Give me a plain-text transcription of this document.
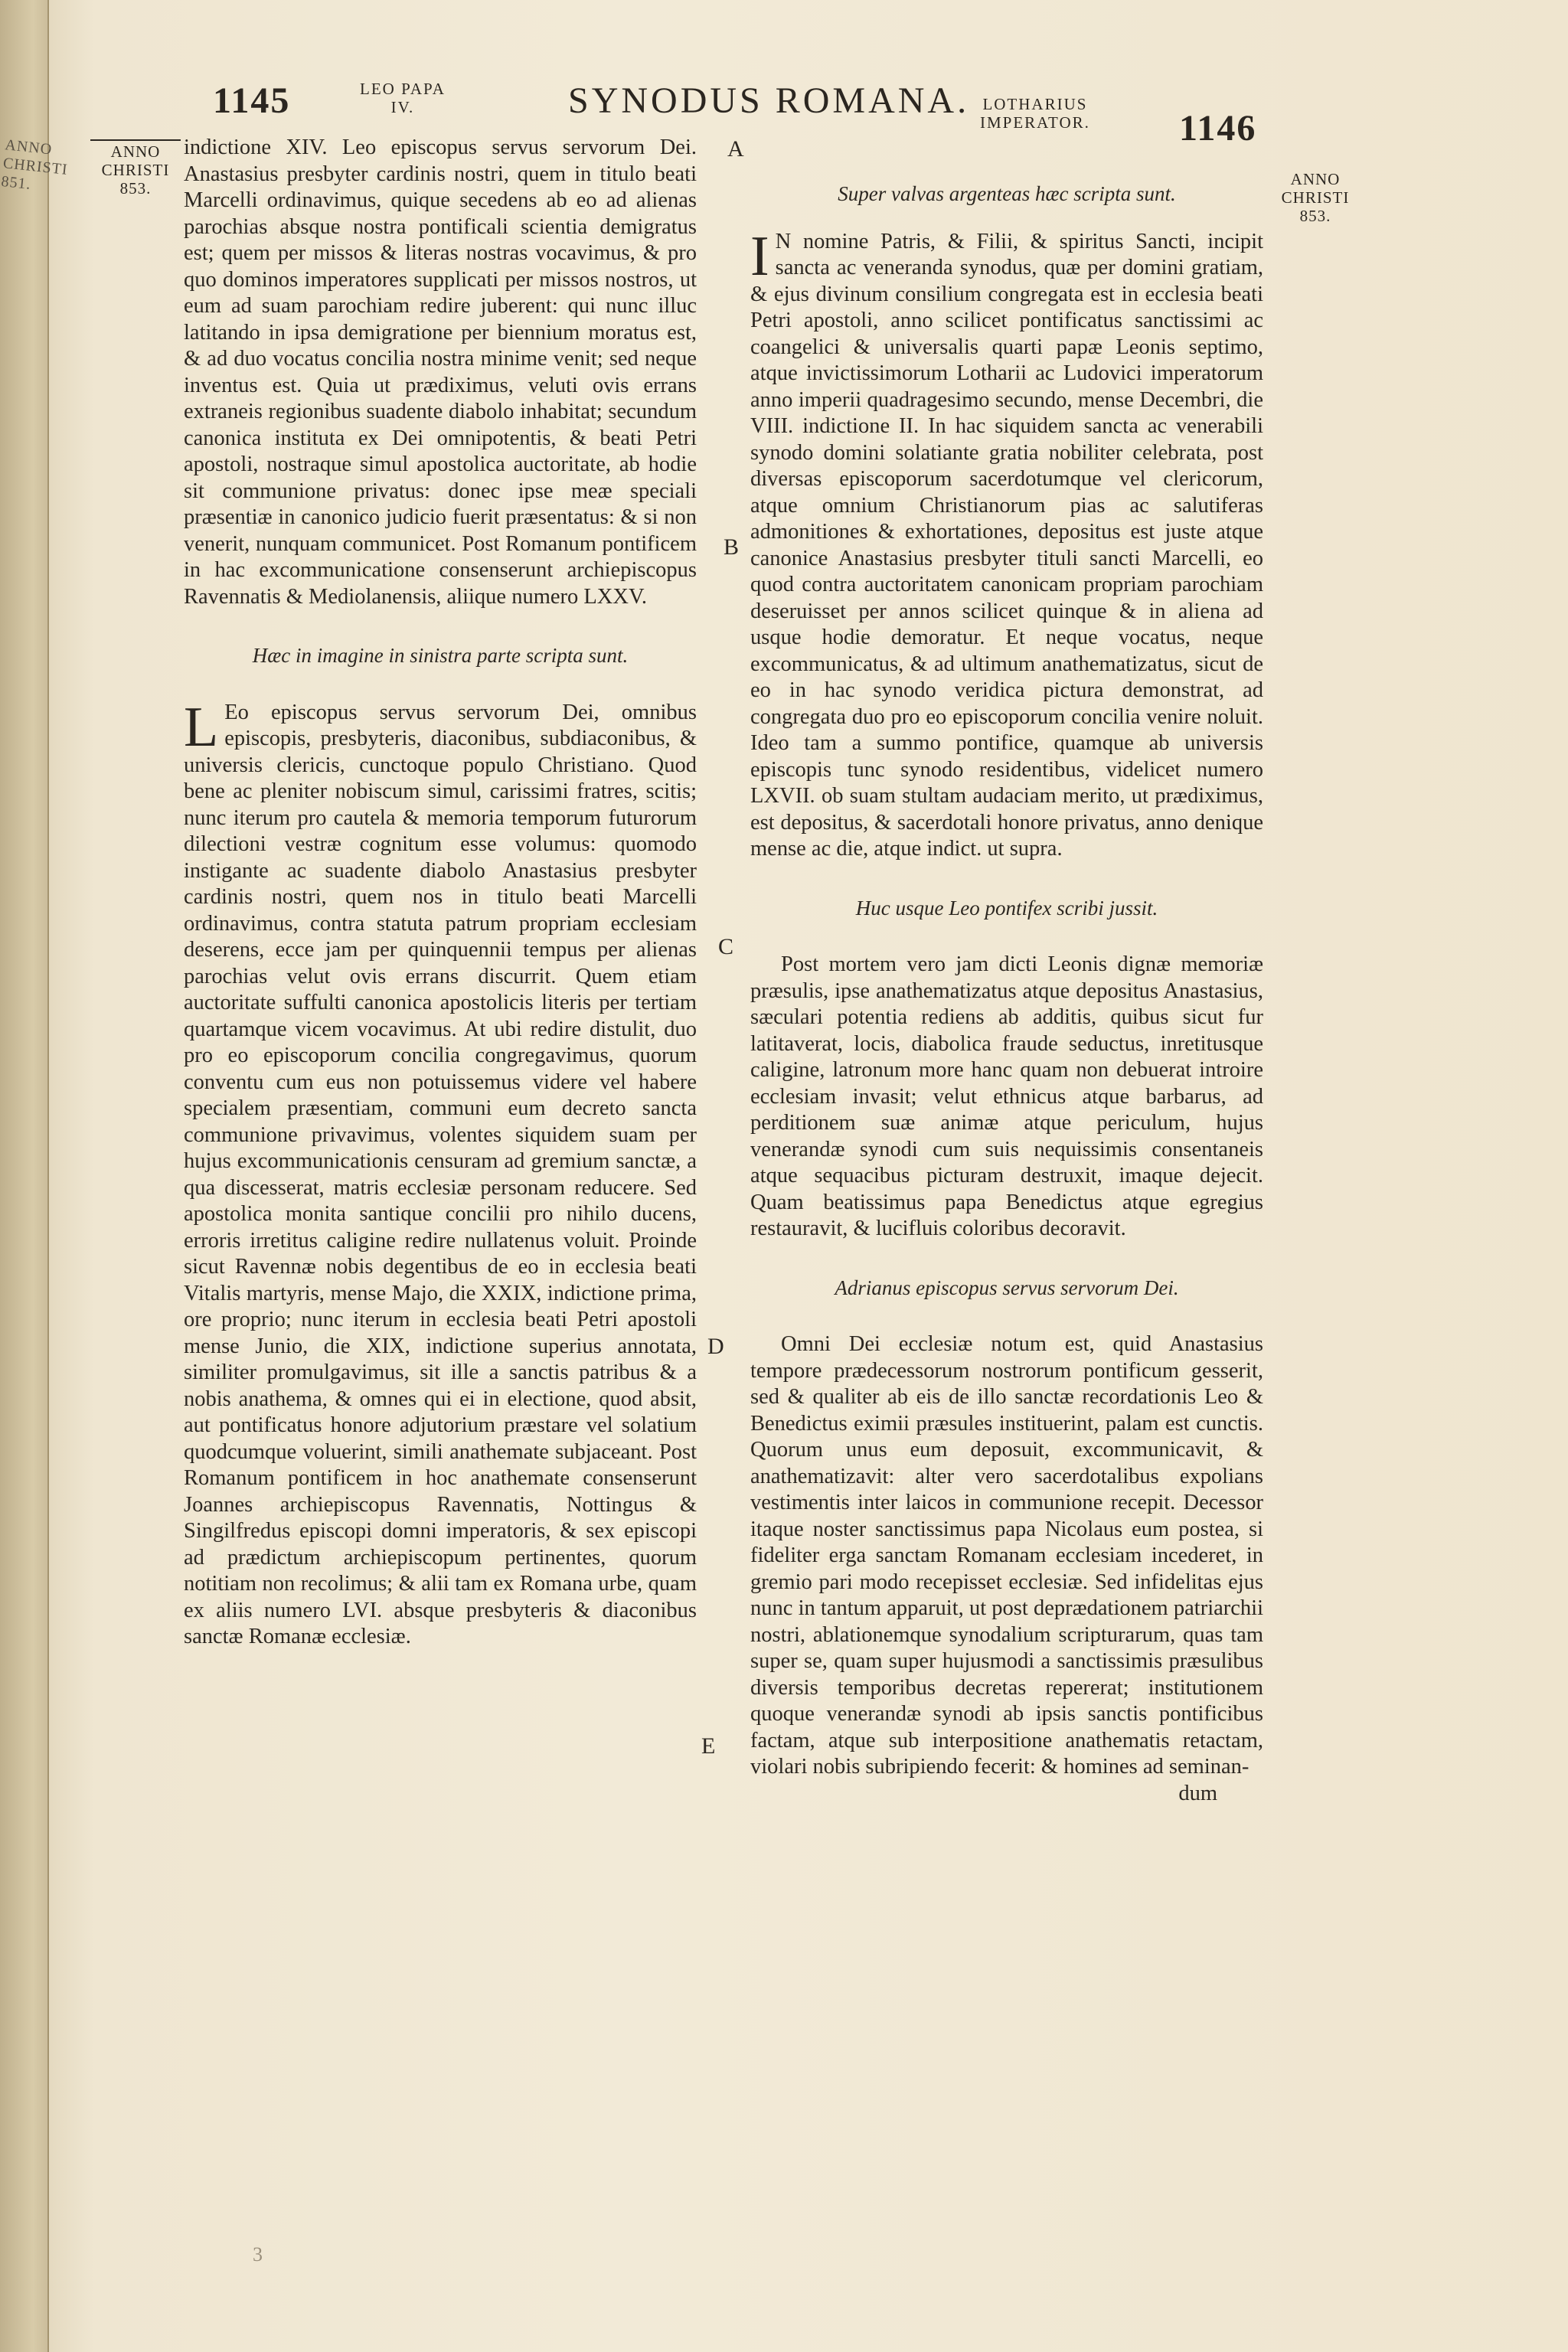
ANNO CHRISTI 851.
1145	LEO PAPA
IV.	SYNODUS ROMANA. LOTHARIUS
IMPERATOR. 1146
ANNO
CHRISTI
853.	ANNO
CHRISTI
853.
A
B
C
D
E

indictione XIV. Leo episcopus servus servorum Dei. Anastasius presbyter cardinis nostri, quem in titulo beati Marcelli ordinavimus, quique secedens ab eo ad alienas parochias absque nostra pontificali scientia demigratus est; quem per missos & literas nostras vocavimus, & pro quo dominos imperatores supplicati per missos nostros, ut eum ad suam parochiam redire juberent: qui nunc illuc latitando in ipsa demigratione per biennium moratus est, & ad duo vocatus concilia nostra minime venit; sed neque inventus est. Quia ut prædiximus, veluti ovis errans extraneis regionibus suadente diabolo inhabitat; secundum canonica instituta ex Dei omnipotentis, & beati Petri apostoli, nostraque simul apostolica auctoritate, ab hodie sit communione privatus: donec ipse meæ speciali præsentiæ in canonico judicio fuerit præsentatus: & si non venerit, nunquam communicet. Post Romanum pontificem in hac excommunicatione consenserunt archiepiscopus Ravennatis & Mediolanensis, aliique numero LXXV.

Hæc in imagine in sinistra parte scripta sunt.

LEo episcopus servus servorum Dei, omnibus episcopis, presbyteris, diaconibus, subdiaconibus, & universis clericis, cunctoque populo Christiano. Quod bene ac pleniter nobiscum simul, carissimi fratres, scitis; nunc iterum pro cautela & memoria temporum futurorum dilectioni vestræ cognitum esse volumus: quomodo instigante ac suadente diabolo Anastasius presbyter cardinis nostri, quem nos in titulo beati Marcelli ordinavimus, contra statuta patrum propriam ecclesiam deserens, ecce jam per quinquennii tempus per alienas parochias velut ovis errans discurrit. Quem etiam auctoritate suffulti canonica apostolicis literis per tertiam quartamque vicem vocavimus. At ubi redire distulit, duo pro eo episcoporum concilia congregavimus, quorum conventu cum eus non potuissemus videre vel habere specialem præsentiam, communi eum decreto sancta communione privavimus, volentes siquidem suam per hujus excommunicationis censuram ad gremium sanctæ, a qua discesserat, matris ecclesiæ personam reducere. Sed apostolica monita santique concilii pro nihilo ducens, erroris irretitus caligine redire nullatenus voluit. Proinde sicut Ravennæ nobis degentibus de eo in ecclesia beati Vitalis martyris, mense Majo, die XXIX, indictione prima, ore proprio; nunc iterum in ecclesia beati Petri apostoli mense Junio, die XIX, indictione superius annotata, similiter promulgavimus, sit ille a sanctis patribus & a nobis anathema, & omnes qui ei in electione, quod absit, aut pontificatus honore adjutorium præstare vel solatium quodcumque voluerint, simili anathemate subjaceant. Post Romanum pontificem in hoc anathemate consenserunt Joannes archiepiscopus Ravennatis, Nottingus & Singilfredus episcopi domni imperatoris, & sex episcopi ad prædictum archiepiscopum pertinentes, quorum notitiam non recolimus; & alii tam ex Romana urbe, quam ex aliis numero LVI. absque presbyteris & diaconibus sanctæ Romanæ ecclesiæ.

Super valvas argenteas hæc scripta sunt.

IN nomine Patris, & Filii, & spiritus Sancti, incipit sancta ac veneranda synodus, quæ per domini gratiam, & ejus divinum consilium congregata est in ecclesia beati Petri apostoli, anno scilicet pontificatus sanctissimi ac coangelici & universalis quarti papæ Leonis septimo, atque invictissimorum Lotharii ac Ludovici imperatorum anno imperii quadragesimo secundo, mense Decembri, die VIII. indictione II. In hac siquidem sancta ac venerabili synodo domini solatiante gratia nobiliter celebrata, post diversas episcoporum sacerdotumque vel clericorum, atque omnium Christianorum pias ac salutiferas admonitiones & exhortationes, depositus est juste atque canonice Anastasius presbyter tituli sancti Marcelli, eo quod contra auctoritatem canonicam propriam parochiam deseruisset per annos scilicet quinque & in aliena ad usque hodie demoratur. Et neque vocatus, neque excommunicatus, & ad ultimum anathematizatus, sicut de eo in hac synodo veridica pictura demonstrat, ad congregata duo pro eo episcoporum concilia venire noluit. Ideo tam a summo pontifice, quamque ab universis episcopis tunc synodo residentibus, videlicet numero LXVII. ob suam stultam audaciam merito, ut prædiximus, est depositus, & sacerdotali honore privatus, anno denique mense ac die, atque indict. ut supra.

Huc usque Leo pontifex scribi jussit.

Post mortem vero jam dicti Leonis dignæ memoriæ præsulis, ipse anathematizatus atque depositus Anastasius, sæculari potentia rediens ab additis, quibus sicut fur latitaverat, locis, diabolica fraude seductus, inretitusque caligine, latronum more hanc quam non debuerat introire ecclesiam invasit; velut ethnicus atque barbarus, ad perditionem suæ animæ atque periculum, hujus venerandæ synodi cum suis nequissimis consentaneis atque sequacibus picturam destruxit, imaque dejecit. Quam beatissimus papa Benedictus atque egregius restauravit, & lucifluis coloribus decoravit.

Adrianus episcopus servus servorum Dei.

Omni Dei ecclesiæ notum est, quid Anastasius tempore prædecessorum nostrorum pontificum gesserit, sed & qualiter ab eis de illo sanctæ recordationis Leo & Benedictus eximii præsules instituerint, palam est cunctis. Quorum unus eum deposuit, excommunicavit, & anathematizavit: alter vero sacerdotalibus expolians vestimentis inter laicos in communione recepit. Decessor itaque noster sanctissimus papa Nicolaus eum postea, si fideliter erga sanctam Romanam ecclesiam incederet, in gremio pari modo recepisset ecclesiæ. Sed infidelitas ejus nunc in tantum apparuit, ut post deprædationem patriarchii nostri, ablationemque synodalium scripturarum, quas tam super se, quam super hujusmodi a sanctissimis præsulibus diversis temporibus decretas repererat; institutionem quoque venerandæ synodi ab ipsis sanctis pontificibus factam, atque sub interpositione anathematis retactam, violari nobis subripiendo fecerit: & homines ad seminan-

dum
3
